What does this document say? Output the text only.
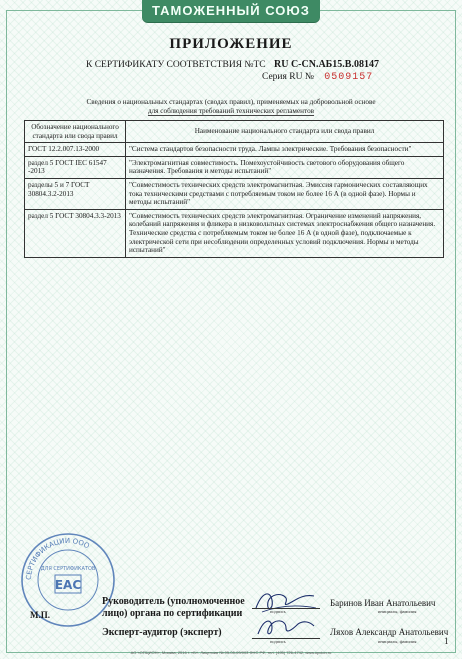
ТАМОЖЕННЫЙ СОЮЗ
ПРИЛОЖЕНИЕ
К СЕРТИФИКАТУ СООТВЕТСТВИЯ №ТС RU C-CN.АБ15.В.08147
Серия RU № 0509157
Сведения о национальных стандартах (сводах правил), применяемых на добровольной основе
для соблюдения требований технических регламентов
Обозначение национального стандарта или свода правил	Наименование национального стандарта или свода правил
ГОСТ 12.2.007.13-2000	"Система стандартов безопасности труда. Лампы электрические. Требования безопасности"
раздел 5 ГОСТ IEC 61547 -2013	"Электромагнитная совместимость. Помехоустойчивость светового оборудования общего назначения. Требования и методы испытаний"
разделы 5 и 7 ГОСТ 30804.3.2-2013	"Совместимость технических средств электромагнитная. Эмиссия гармонических составляющих тока техническими средствами с потребляемым током не более 16 А (в одной фазе). Нормы и методы испытаний"
раздел 5 ГОСТ 30804.3.3-2013	"Совместимость технических средств электромагнитная. Ограничение изменений напряжения, колебаний напряжения и фликера в низковольтных системах электроснабжения общего назначения. Технические средства с потребляемым током не более 16 А (в одной фазе), подключаемые к электрической сети при несоблюдении определенных условий подключения. Нормы и методы испытаний"
СЕРТИФИКАЦИИ ООО
ДЛЯ СЕРТИФИКАТОВ
EAC
М.П.
Руководитель (уполномоченное
лицо) органа по сертификации
Эксперт-аудитор (эксперт)
подпись
подпись
Баринов Иван Анатольевич
инициалы, фамилия
Ляхов Александр Анатольевич
инициалы, фамилия	1
АО «ОПЦИОН», Москва, 2016 г. «Б». Лицензия № 05-05-09/003 ФНС РФ, тел. (495) 726-4742, www.opcion.ru
